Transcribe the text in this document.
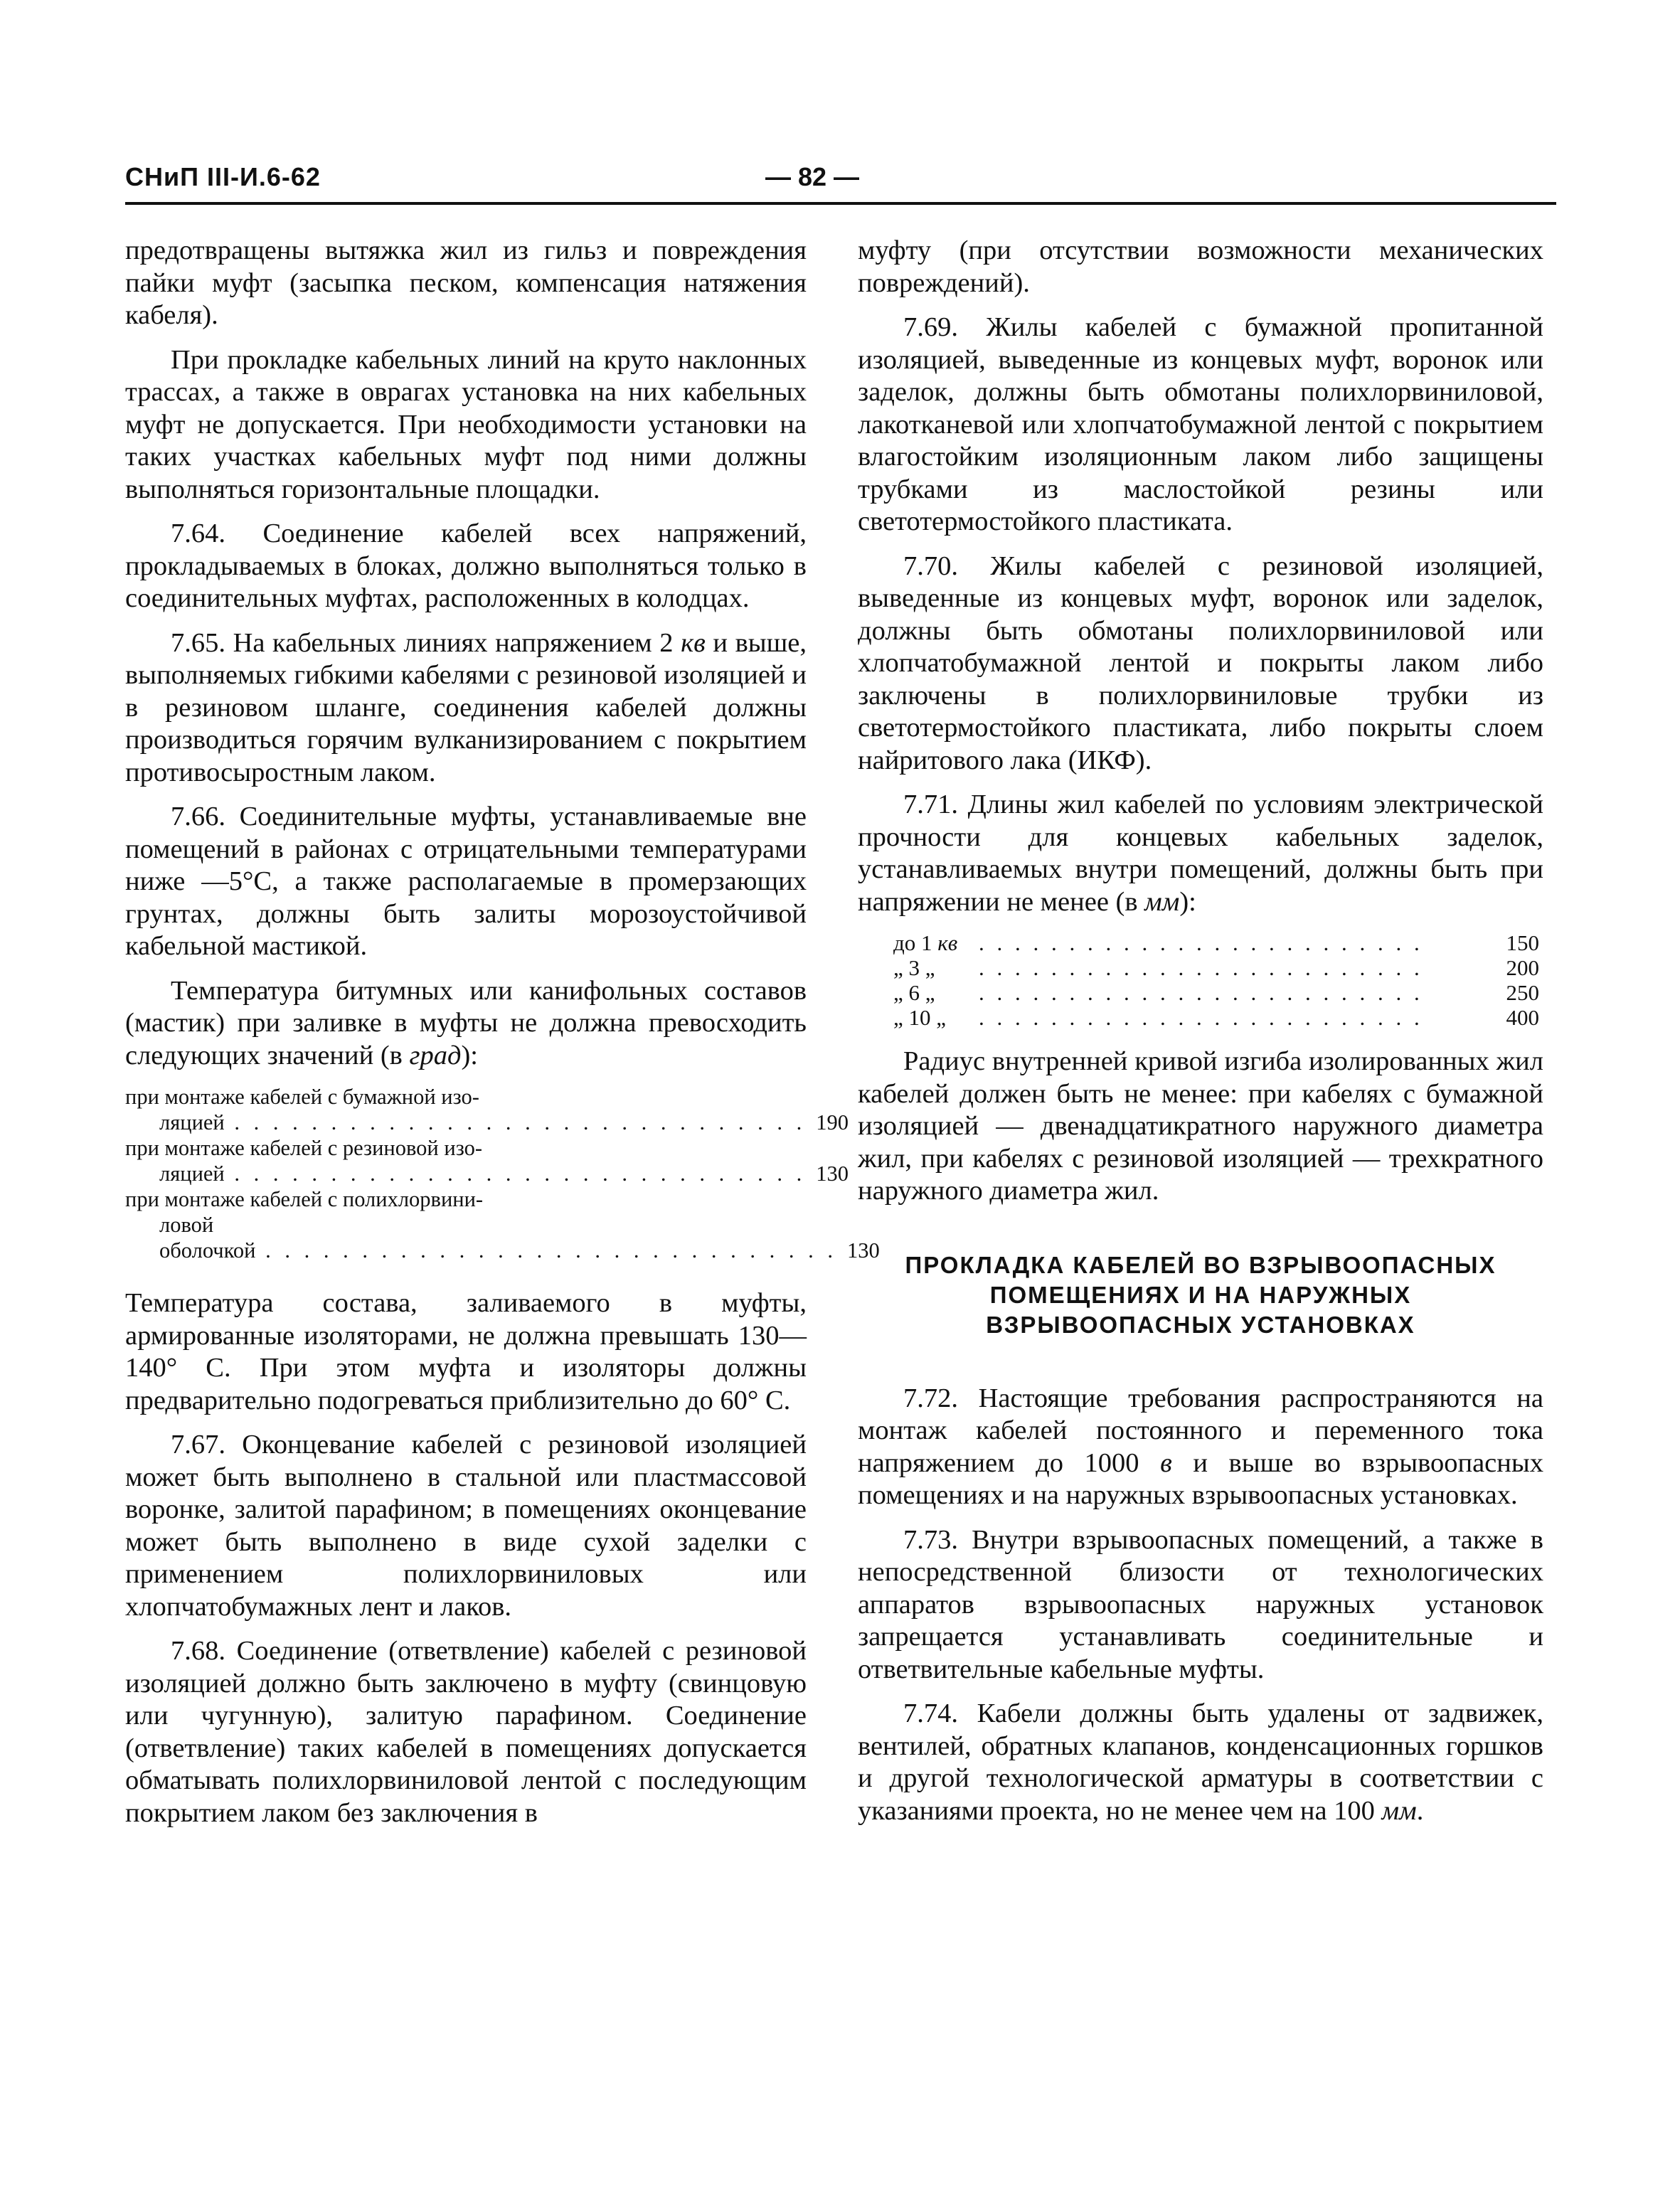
СНиП III-И.6-62	— 82 —

предотвращены вытяжка жил из гильз и повреждения пайки муфт (засыпка песком, компенсация натяжения кабеля).

При прокладке кабельных линий на круто наклонных трассах, а также в оврагах установка на них кабельных муфт не допускается. При необходимости установки на таких участках кабельных муфт под ними должны выполняться горизонтальные площадки.

7.64. Соединение кабелей всех напряжений, прокладываемых в блоках, должно выполняться только в соединительных муфтах, расположенных в колодцах.

7.65. На кабельных линиях напряжением 2 кв и выше, выполняемых гибкими кабелями с резиновой изоляцией и в резиновом шланге, соединения кабелей должны производиться горячим вулканизированием с покрытием противосыростным лаком.

7.66. Соединительные муфты, устанавливаемые вне помещений в районах с отрицательными температурами ниже —5°С, а также располагаемые в промерзающих грунтах, должны быть залиты морозоустойчивой кабельной мастикой.

Температура битумных или канифольных составов (мастик) при заливке в муфты не должна превосходить следующих значений (в град):

при монтаже кабелей с бумажной изо-
ляцией . . . . . . . . . . . . . . . . . . . . . . . . . . . . . . 190
при монтаже кабелей с резиновой изо-
ляцией . . . . . . . . . . . . . . . . . . . . . . . . . . . . . . 130
при монтаже кабелей с полихлорвини-
ловой оболочкой . . . . . . . . . . . . . . . . . . . . . . . . . . . . . . 130

Температура состава, заливаемого в муфты, армированные изоляторами, не должна превышать 130—140° С. При этом муфта и изоляторы должны предварительно подогреваться приблизительно до 60° С.

7.67. Оконцевание кабелей с резиновой изоляцией может быть выполнено в стальной или пластмассовой воронке, залитой парафином; в помещениях оконцевание может быть выполнено в виде сухой заделки с применением полихлорвиниловых или хлопчатобумажных лент и лаков.

7.68. Соединение (ответвление) кабелей с резиновой изоляцией должно быть заключено в муфту (свинцовую или чугунную), залитую парафином. Соединение (ответвление) таких кабелей в помещениях допускается обматывать полихлорвиниловой лентой с последующим покрытием лаком без заключения в

муфту (при отсутствии возможности механических повреждений).

7.69. Жилы кабелей с бумажной пропитанной изоляцией, выведенные из концевых муфт, воронок или заделок, должны быть обмотаны полихлорвиниловой, лакотканевой или хлопчатобумажной лентой с покрытием влагостойким изоляционным лаком либо защищены трубками из маслостойкой резины или светотермостойкого пластиката.

7.70. Жилы кабелей с резиновой изоляцией, выведенные из концевых муфт, воронок или заделок, должны быть обмотаны полихлорвиниловой или хлопчатобумажной лентой и покрыты лаком либо заключены в полихлорвиниловые трубки из светотермостойкого пластиката, либо покрыты слоем найритового лака (ИКФ).

7.71. Длины жил кабелей по условиям электрической прочности для концевых кабельных заделок, устанавливаемых внутри помещений, должны быть при напряжении не менее (в мм):

до 1 кв . . . . . . . . . . . . . . . . . . . . . . . . .	150
„ 3 „	. . . . . . . . . . . . . . . . . . . . . . . . .	200
„ 6 „	. . . . . . . . . . . . . . . . . . . . . . . . .	250
„ 10 „	. . . . . . . . . . . . . . . . . . . . . . . . .	400

Радиус внутренней кривой изгиба изолированных жил кабелей должен быть не менее: при кабелях с бумажной изоляцией — двенадцатикратного наружного диаметра жил, при кабелях с резиновой изоляцией — трехкратного наружного диаметра жил.

ПРОКЛАДКА КАБЕЛЕЙ ВО ВЗРЫВООПАСНЫХ
ПОМЕЩЕНИЯХ И НА НАРУЖНЫХ
ВЗРЫВООПАСНЫХ УСТАНОВКАХ

7.72. Настоящие требования распространяются на монтаж кабелей постоянного и переменного тока напряжением до 1000 в и выше во взрывоопасных помещениях и на наружных взрывоопасных установках.

7.73. Внутри взрывоопасных помещений, а также в непосредственной близости от технологических аппаратов взрывоопасных наружных установок запрещается устанавливать соединительные и ответвительные кабельные муфты.

7.74. Кабели должны быть удалены от задвижек, вентилей, обратных клапанов, конденсационных горшков и другой технологической арматуры в соответствии с указаниями проекта, но не менее чем на 100 мм.
